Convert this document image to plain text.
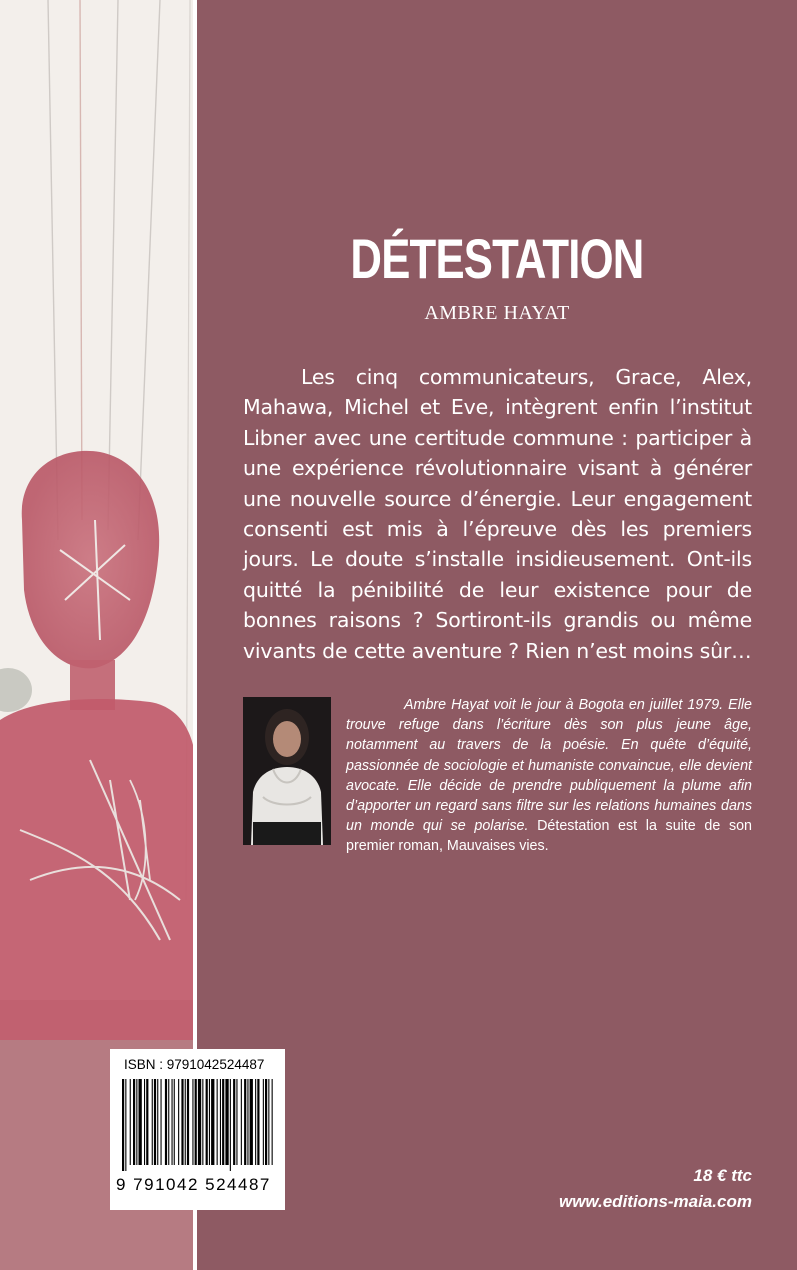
DÉTESTATION
AMBRE HAYAT
Les cinq communicateurs, Grace, Alex, Mahawa, Michel et Eve, intègrent enfin l’institut Libner avec une certitude commune : participer à une expérience révolutionnaire visant à générer une nouvelle source d’énergie. Leur engagement consenti est mis à l’épreuve dès les premiers jours. Le doute s’installe insidieusement. Ont-ils quitté la pénibilité de leur existence pour de bonnes raisons ? Sortiront-ils grandis ou même vivants de cette aventure ? Rien n’est moins sûr…
Ambre Hayat voit le jour à Bogota en juillet 1979. Elle trouve refuge dans l’écriture dès son plus jeune âge, notamment au travers de la poésie. En quête d’équité, passionnée de sociologie et humaniste convaincue, elle devient avocate. Elle décide de prendre publiquement la plume afin d’apporter un regard sans filtre sur les relations humaines dans un monde qui se polarise. Détestation est la suite de son premier roman, Mauvaises vies.
18 € ttc
www.editions-maia.com
ISBN : 9791042524487
9 791042 524487
